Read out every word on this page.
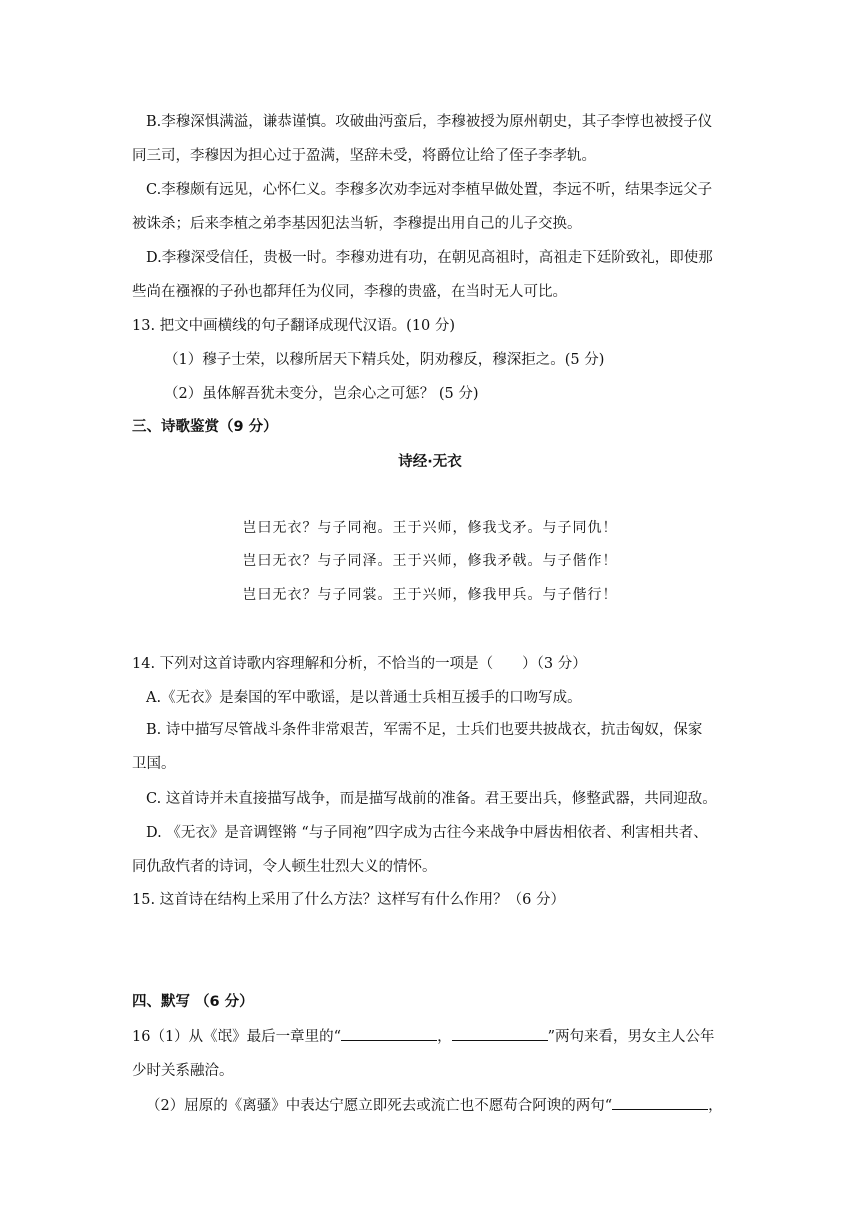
B.李穆深惧满溢，谦恭谨慎。攻破曲沔蛮后，李穆被授为原州朝史，其子李惇也被授子仪
同三司，李穆因为担心过于盈满，坚辞未受，将爵位让给了侄子李孝轨。
C.李穆颇有远见，心怀仁义。李穆多次劝李远对李植早做处置，李远不听，结果李远父子
被诛杀；后来李植之弟李基因犯法当斩，李穆提出用自己的儿子交换。
D.李穆深受信任，贵极一时。李穆劝进有功，在朝见高祖时，高祖走下廷阶致礼，即使那
些尚在襁褓的子孙也都拜任为仪同，李穆的贵盛，在当时无人可比。
13. 把文中画横线的句子翻译成现代汉语。(10 分)
（1）穆子士荣，以穆所居天下精兵处，阴劝穆反，穆深拒之。(5 分)
（2）虽体解吾犹未变分，岂余心之可惩？ (5 分)
三、诗歌鉴赏（9 分）
诗经·无衣
岂曰无衣？与子同袍。王于兴师，修我戈矛。与子同仇！
岂曰无衣？与子同泽。王于兴师，修我矛戟。与子偕作！
岂曰无衣？与子同裳。王于兴师，修我甲兵。与子偕行！
14. 下列对这首诗歌内容理解和分析，不恰当的一项是（　　）（3 分）
A.《无衣》是秦国的军中歌谣，是以普通士兵相互援手的口吻写成。
B. 诗中描写尽管战斗条件非常艰苦，军需不足，士兵们也要共披战衣，抗击匈奴，保家
卫国。
C. 这首诗并未直接描写战争，而是描写战前的准备。君王要出兵，修整武器，共同迎敌。
D. 《无衣》是音调铿锵 “与子同袍”四字成为古往今来战争中唇齿相依者、利害相共者、
同仇敌忾者的诗词，令人顿生壮烈大义的情怀。
15. 这首诗在结构上采用了什么方法？这样写有什么作用？（6 分）
四、默写 （6 分）
16（1）从《氓》最后一章里的“	，	”两句来看，男女主人公年
少时关系融洽。
（2）屈原的《离骚》中表达宁愿立即死去或流亡也不愿苟合阿谀的两句“	，
